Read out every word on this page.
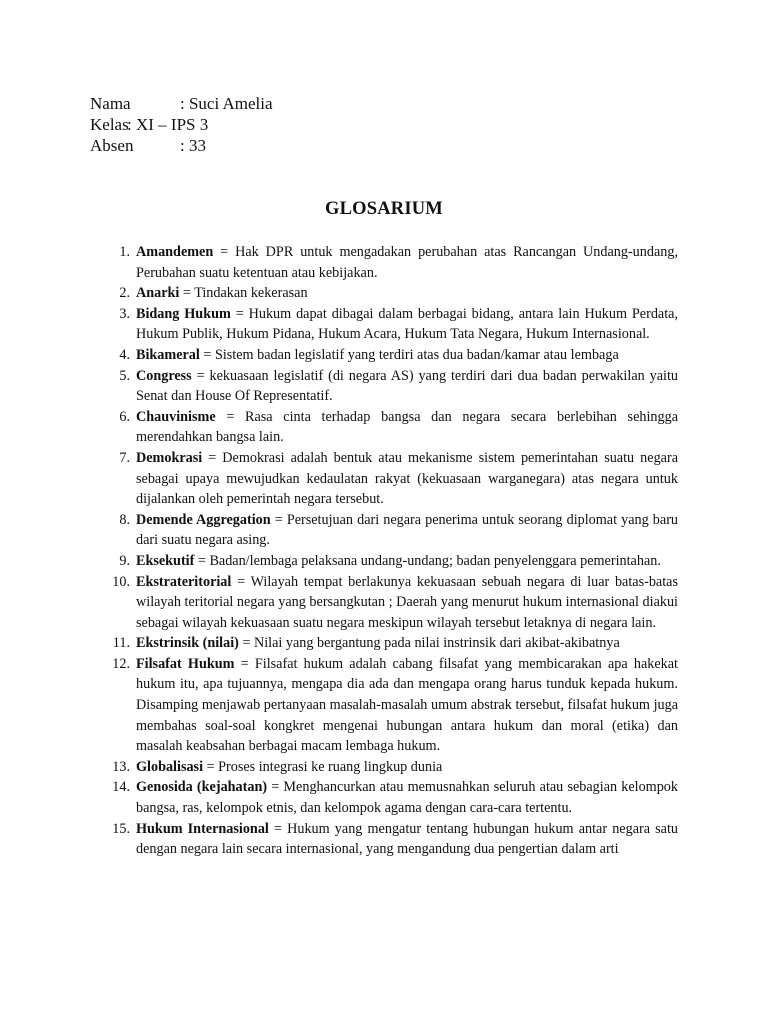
Nama	: Suci Amelia
Kelas
: XI – IPS 3
Absen	: 33
GLOSARIUM
1. Amandemen = Hak DPR untuk mengadakan perubahan atas Rancangan Undang-undang, Perubahan suatu ketentuan atau kebijakan.
2. Anarki = Tindakan kekerasan
3. Bidang Hukum = Hukum dapat dibagai dalam berbagai bidang, antara lain Hukum Perdata, Hukum Publik, Hukum Pidana, Hukum Acara, Hukum Tata Negara, Hukum Internasional.
4. Bikameral = Sistem badan legislatif yang terdiri atas dua badan/kamar atau lembaga
5. Congress = kekuasaan legislatif (di negara AS) yang terdiri dari dua badan perwakilan yaitu Senat dan House Of Representatif.
6. Chauvinisme = Rasa cinta terhadap bangsa dan negara secara berlebihan sehingga merendahkan bangsa lain.
7. Demokrasi = Demokrasi adalah bentuk atau mekanisme sistem pemerintahan suatu negara sebagai upaya mewujudkan kedaulatan rakyat (kekuasaan warganegara) atas negara untuk dijalankan oleh pemerintah negara tersebut.
8. Demende Aggregation = Persetujuan dari negara penerima untuk seorang diplomat yang baru dari suatu negara asing.
9. Eksekutif = Badan/lembaga pelaksana undang-undang; badan penyelenggara pemerintahan.
10. Ekstrateritorial = Wilayah tempat berlakunya kekuasaan sebuah negara di luar batas-batas wilayah teritorial negara yang bersangkutan ; Daerah yang menurut hukum internasional diakui sebagai wilayah kekuasaan suatu negara meskipun wilayah tersebut letaknya di negara lain.
11. Ekstrinsik (nilai) = Nilai yang bergantung pada nilai instrinsik dari akibat-akibatnya
12. Filsafat Hukum = Filsafat hukum adalah cabang filsafat yang membicarakan apa hakekat hukum itu, apa tujuannya, mengapa dia ada dan mengapa orang harus tunduk kepada hukum. Disamping menjawab pertanyaan masalah-masalah umum abstrak tersebut, filsafat hukum juga membahas soal-soal kongkret mengenai hubungan antara hukum dan moral (etika) dan masalah keabsahan berbagai macam lembaga hukum.
13. Globalisasi = Proses integrasi ke ruang lingkup dunia
14. Genosida (kejahatan) = Menghancurkan atau memusnahkan seluruh atau sebagian kelompok bangsa, ras, kelompok etnis, dan kelompok agama dengan cara-cara tertentu.
15. Hukum Internasional = Hukum yang mengatur tentang hubungan hukum antar negara satu dengan negara lain secara internasional, yang mengandung dua pengertian dalam arti
